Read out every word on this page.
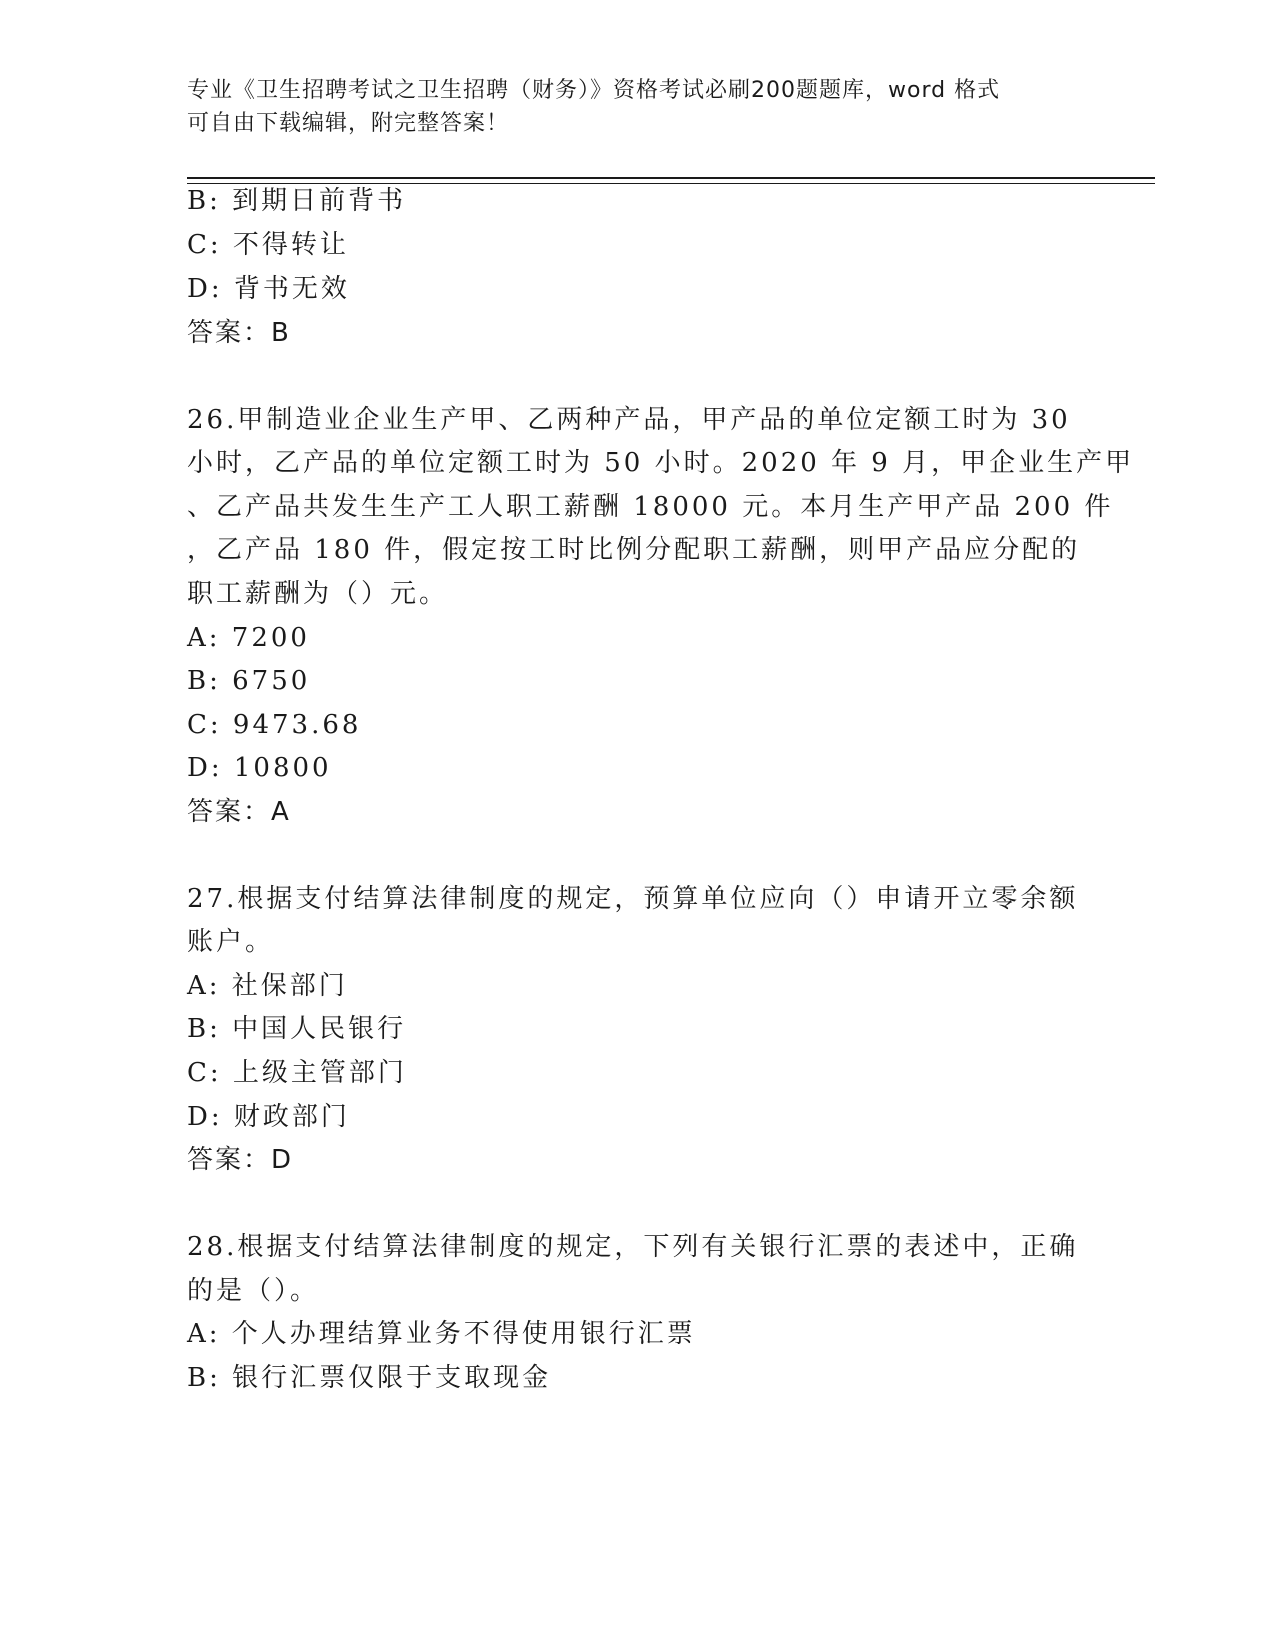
专业《卫生招聘考试之卫生招聘（财务）》资格考试必刷200题题库，word 格式
可自由下载编辑，附完整答案！
B: 到期日前背书
C: 不得转让
D: 背书无效
答案：B
26.甲制造业企业生产甲、乙两种产品，甲产品的单位定额工时为 30
小时，乙产品的单位定额工时为 50 小时。2020 年 9 月，甲企业生产甲
、乙产品共发生生产工人职工薪酬 18000 元。本月生产甲产品 200 件
，乙产品 180 件，假定按工时比例分配职工薪酬，则甲产品应分配的
职工薪酬为（）元。
A: 7200
B: 6750
C: 9473.68
D: 10800
答案：A
27.根据支付结算法律制度的规定，预算单位应向（）申请开立零余额
账户。
A: 社保部门
B: 中国人民银行
C: 上级主管部门
D: 财政部门
答案：D
28.根据支付结算法律制度的规定，下列有关银行汇票的表述中，正确
的是（）。
A: 个人办理结算业务不得使用银行汇票
B: 银行汇票仅限于支取现金
